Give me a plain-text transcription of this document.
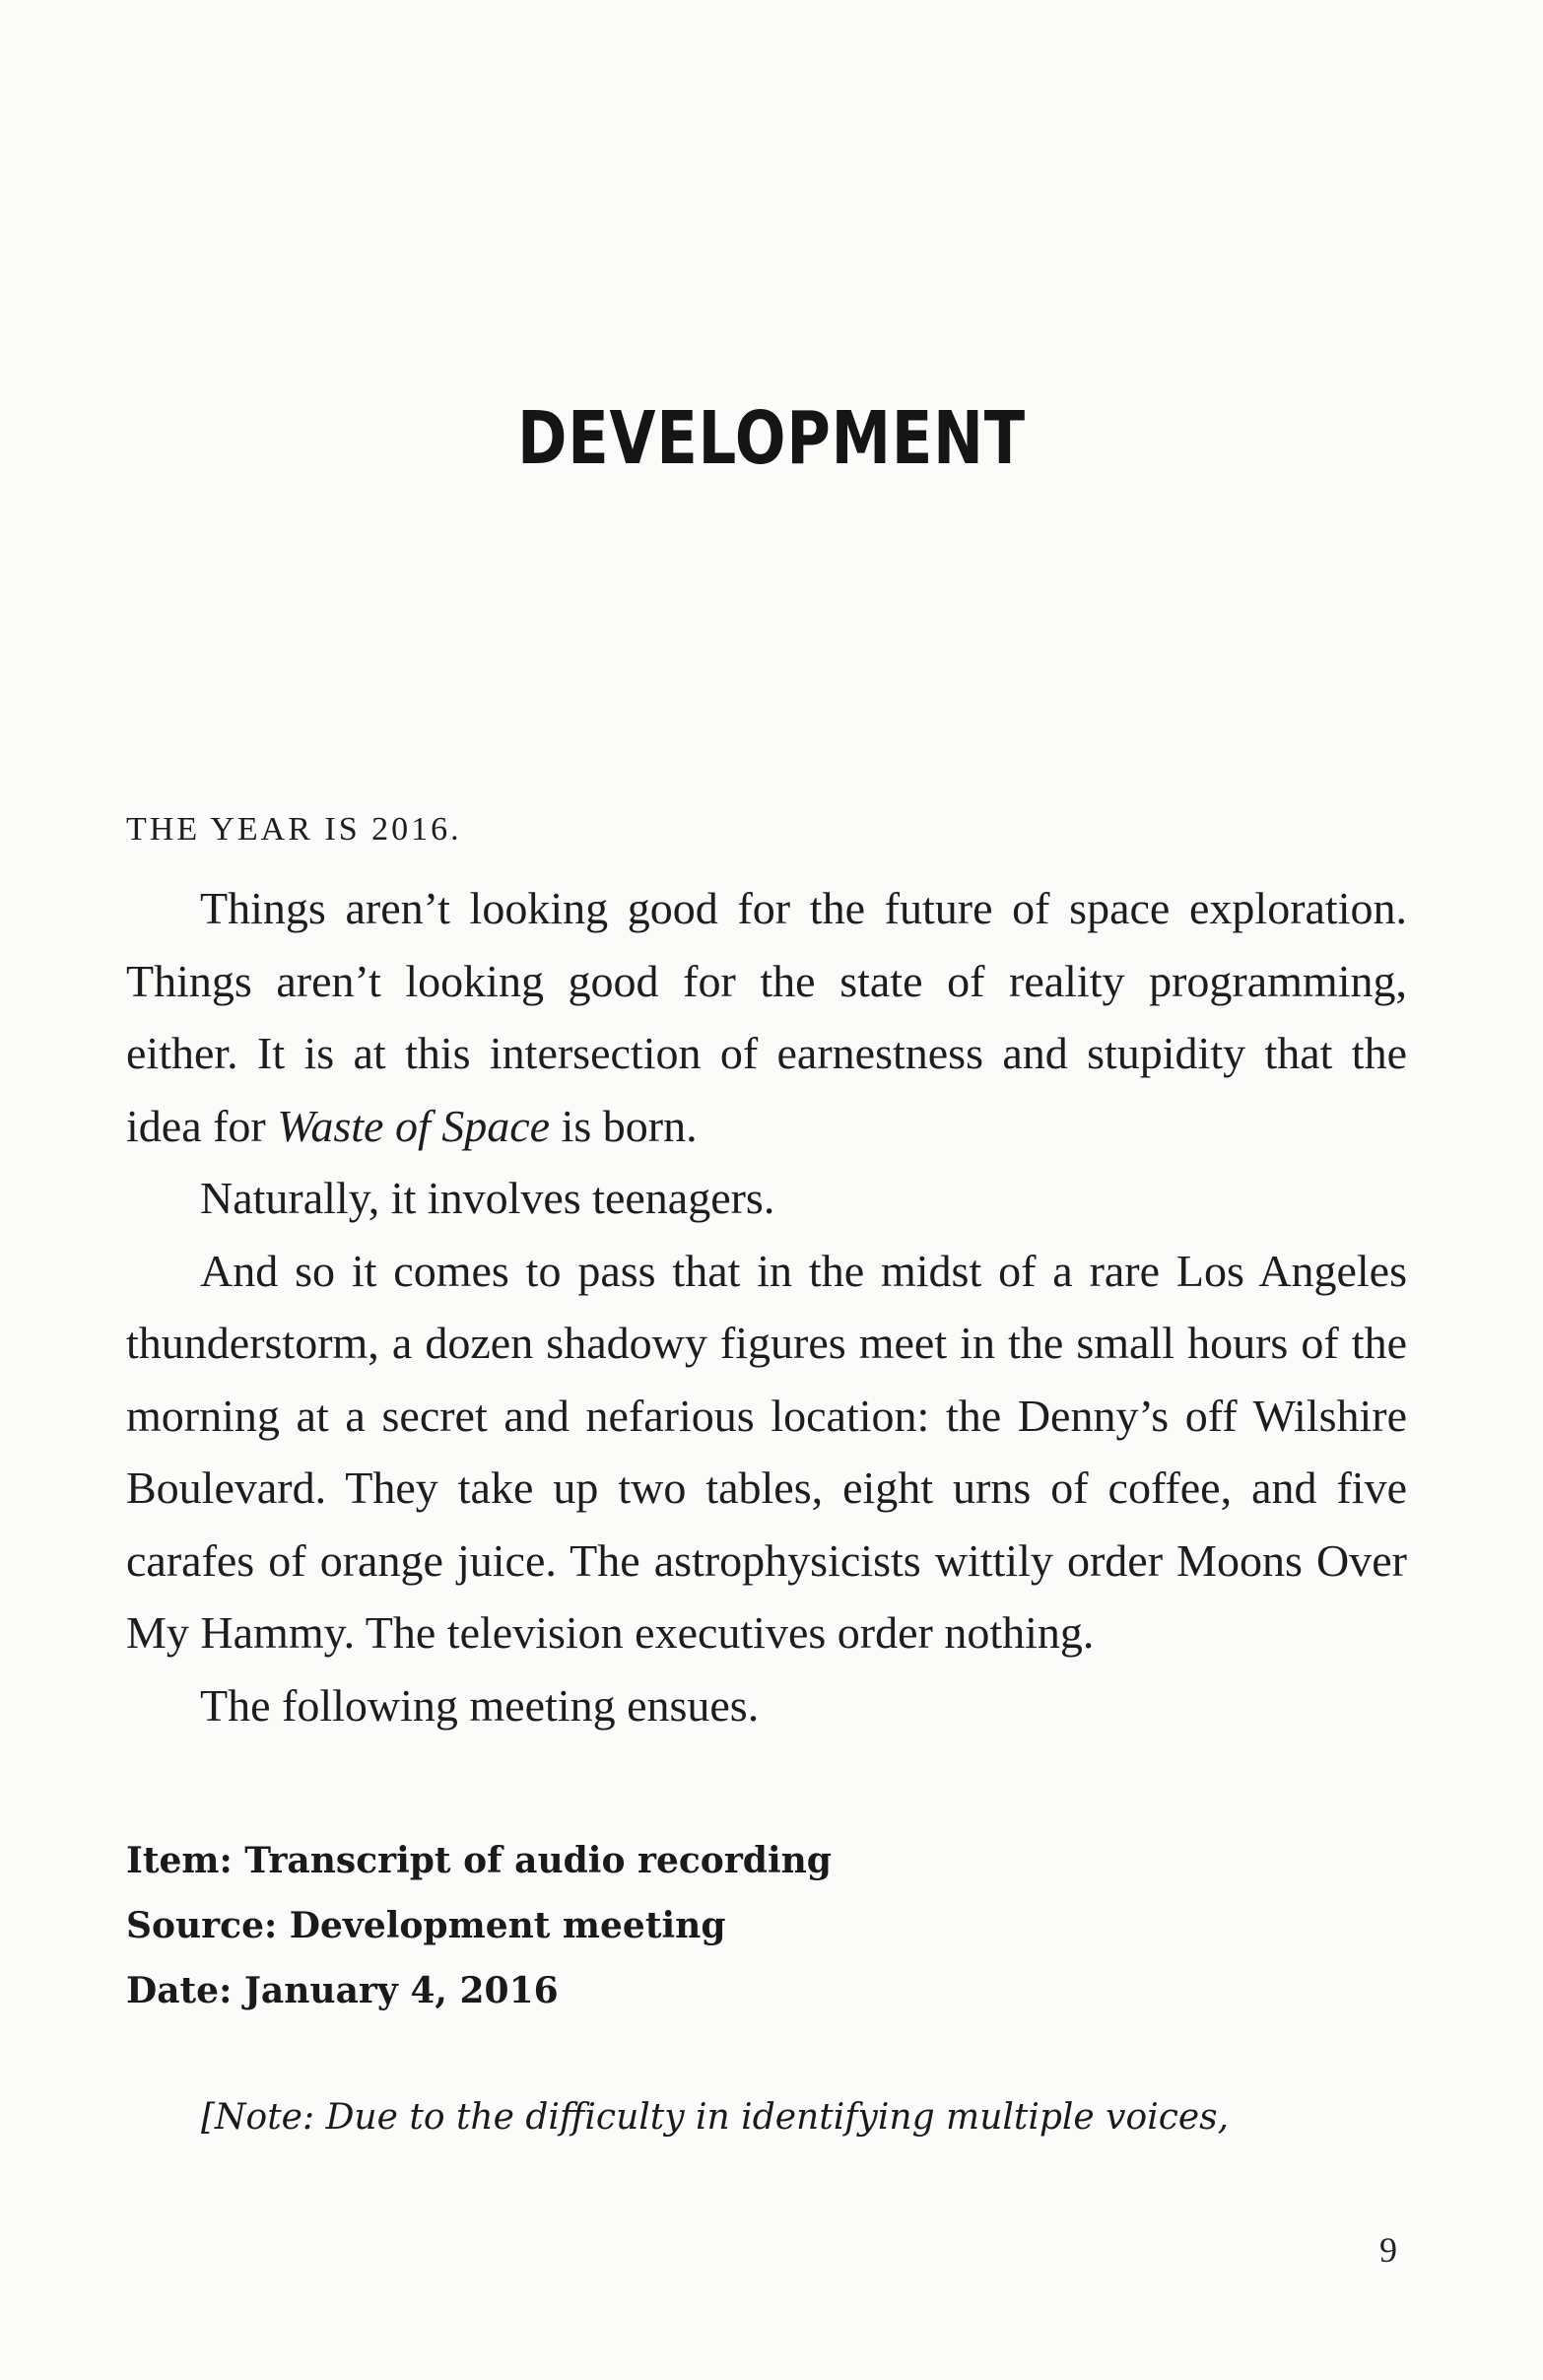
DEVELOPMENT

THE YEAR IS 2016.

Things aren’t looking good for the future of space exploration. Things aren’t looking good for the state of reality programming, either. It is at this intersection of earnestness and stupidity that the idea for Waste of Space is born.

Naturally, it involves teenagers.

And so it comes to pass that in the midst of a rare Los Angeles thunderstorm, a dozen shadowy figures meet in the small hours of the morning at a secret and nefarious location: the Denny’s off Wilshire Boulevard. They take up two tables, eight urns of coffee, and five carafes of orange juice. The astrophysicists wittily order Moons Over My Hammy. The television executives order nothing.

The following meeting ensues.

Item: Transcript of audio recording
Source: Development meeting
Date: January 4, 2016
[Note: Due to the difficulty in identifying multiple voices,
9
